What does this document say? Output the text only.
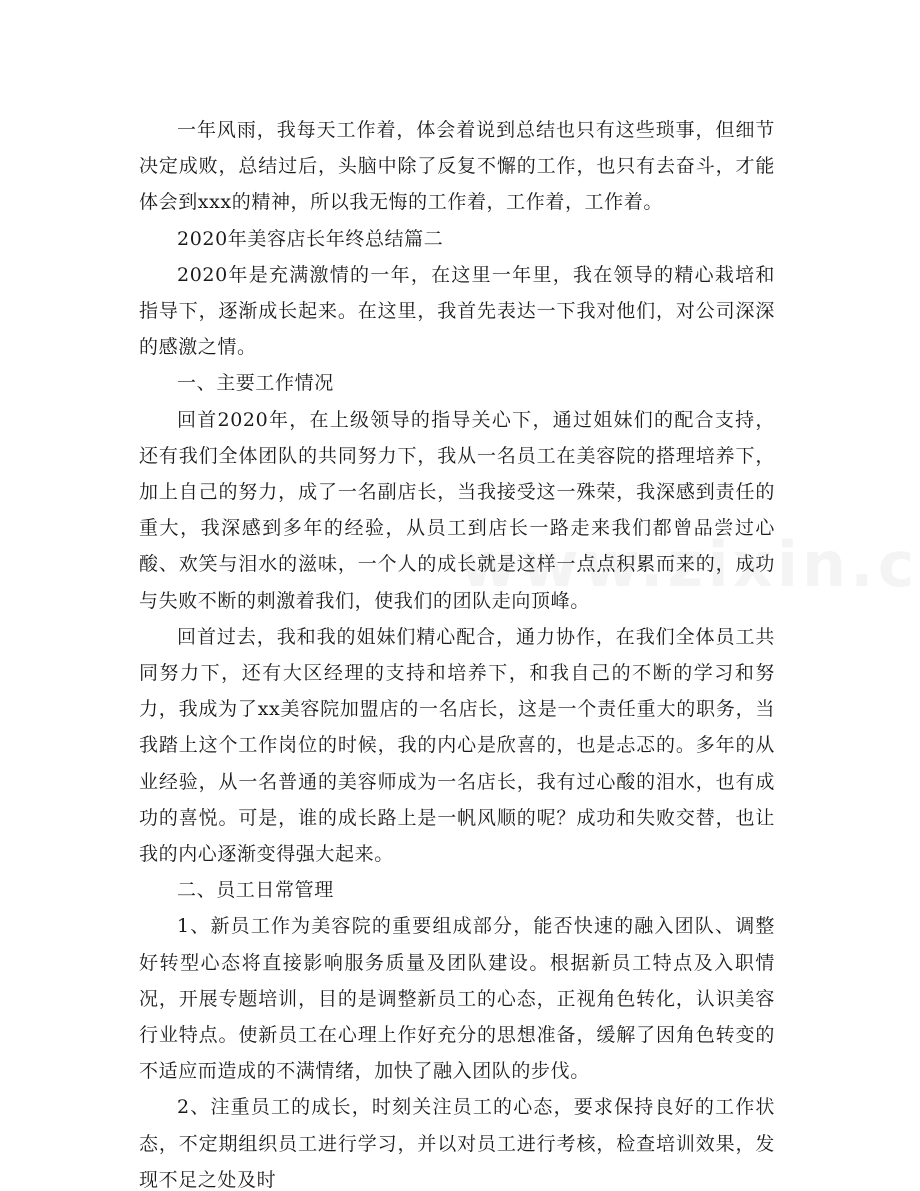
一年风雨，我每天工作着，体会着说到总结也只有这些琐事，但细节决定成败，总结过后，头脑中除了反复不懈的工作，也只有去奋斗，才能体会到xxx的精神，所以我无悔的工作着，工作着，工作着。

2020年美容店长年终总结篇二

2020年是充满激情的一年，在这里一年里，我在领导的精心栽培和指导下，逐渐成长起来。在这里，我首先表达一下我对他们，对公司深深的感激之情。

一、主要工作情况

回首2020年，在上级领导的指导关心下，通过姐妹们的配合支持，还有我们全体团队的共同努力下，我从一名员工在美容院的搭理培养下，加上自己的努力，成了一名副店长，当我接受这一殊荣，我深感到责任的重大，我深感到多年的经验，从员工到店长一路走来我们都曾品尝过心酸、欢笑与泪水的滋味，一个人的成长就是这样一点点积累而来的，成功与失败不断的刺激着我们，使我们的团队走向顶峰。

回首过去，我和我的姐妹们精心配合，通力协作，在我们全体员工共同努力下，还有大区经理的支持和培养下，和我自己的不断的学习和努力，我成为了xx美容院加盟店的一名店长，这是一个责任重大的职务，当我踏上这个工作岗位的时候，我的内心是欣喜的，也是忐忑的。多年的从业经验，从一名普通的美容师成为一名店长，我有过心酸的泪水，也有成功的喜悦。可是，谁的成长路上是一帆风顺的呢？成功和失败交替，也让我的内心逐渐变得强大起来。

二、员工日常管理

1、新员工作为美容院的重要组成部分，能否快速的融入团队、调整好转型心态将直接影响服务质量及团队建设。根据新员工特点及入职情况，开展专题培训，目的是调整新员工的心态，正视角色转化，认识美容行业特点。使新员工在心理上作好充分的思想准备，缓解了因角色转变的不适应而造成的不满情绪，加快了融入团队的步伐。

2、注重员工的成长，时刻关注员工的心态，要求保持良好的工作状态，不定期组织员工进行学习，并以对员工进行考核，检查培训效果，发现不足之处及时
